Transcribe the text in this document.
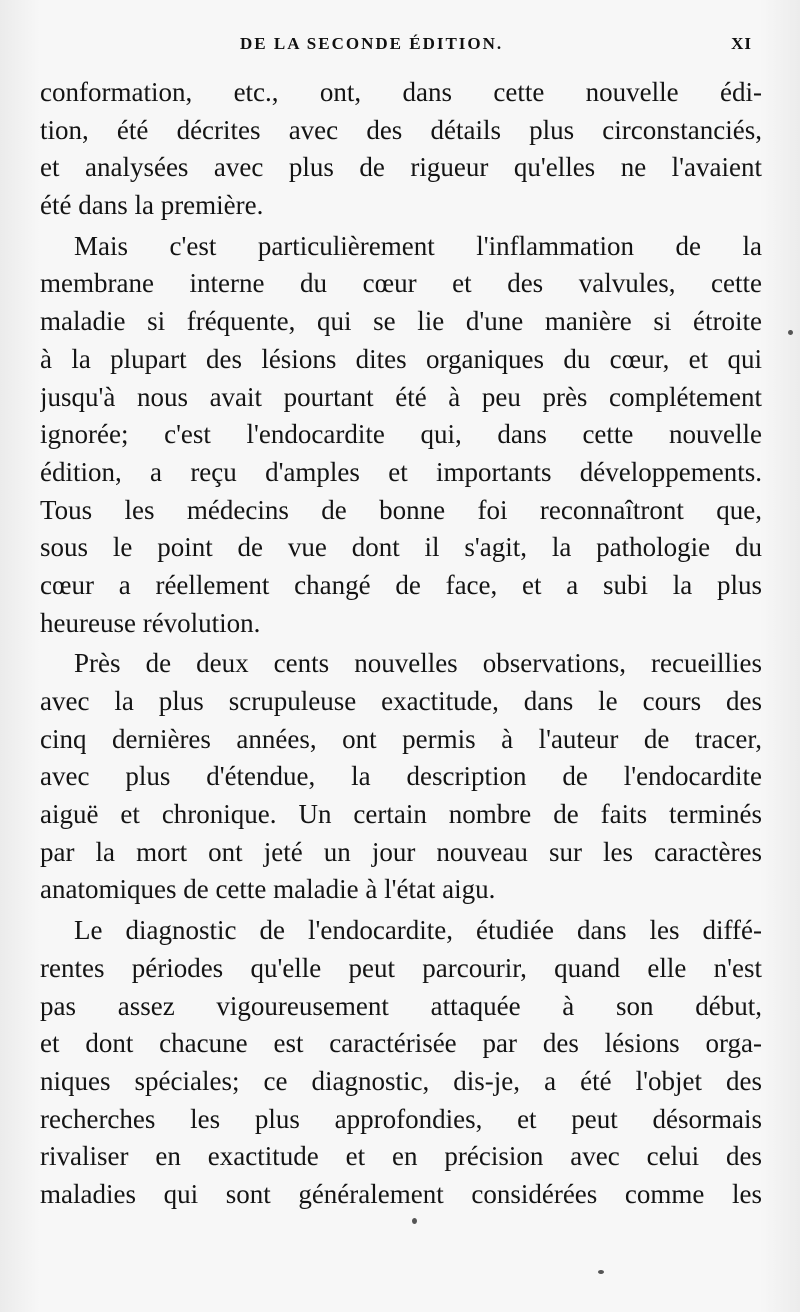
DE LA SECONDE ÉDITION.	XI
conformation, etc., ont, dans cette nouvelle édi-
tion, été décrites avec des détails plus circonstanciés,
et analysées avec plus de rigueur qu'elles ne l'avaient
été dans la première.
Mais c'est particulièrement l'inflammation de la
membrane interne du cœur et des valvules, cette
maladie si fréquente, qui se lie d'une manière si étroite
à la plupart des lésions dites organiques du cœur, et qui
jusqu'à nous avait pourtant été à peu près complétement
ignorée; c'est l'endocardite qui, dans cette nouvelle
édition, a reçu d'amples et importants développements.
Tous les médecins de bonne foi reconnaîtront que,
sous le point de vue dont il s'agit, la pathologie du
cœur a réellement changé de face, et a subi la plus
heureuse révolution.
Près de deux cents nouvelles observations, recueillies
avec la plus scrupuleuse exactitude, dans le cours des
cinq dernières années, ont permis à l'auteur de tracer,
avec plus d'étendue, la description de l'endocardite
aiguë et chronique. Un certain nombre de faits terminés
par la mort ont jeté un jour nouveau sur les caractères
anatomiques de cette maladie à l'état aigu.
Le diagnostic de l'endocardite, étudiée dans les diffé-
rentes périodes qu'elle peut parcourir, quand elle n'est
pas assez vigoureusement attaquée à son début,
et dont chacune est caractérisée par des lésions orga-
niques spéciales; ce diagnostic, dis-je, a été l'objet des
recherches les plus approfondies, et peut désormais
rivaliser en exactitude et en précision avec celui des
maladies qui sont généralement considérées comme les
